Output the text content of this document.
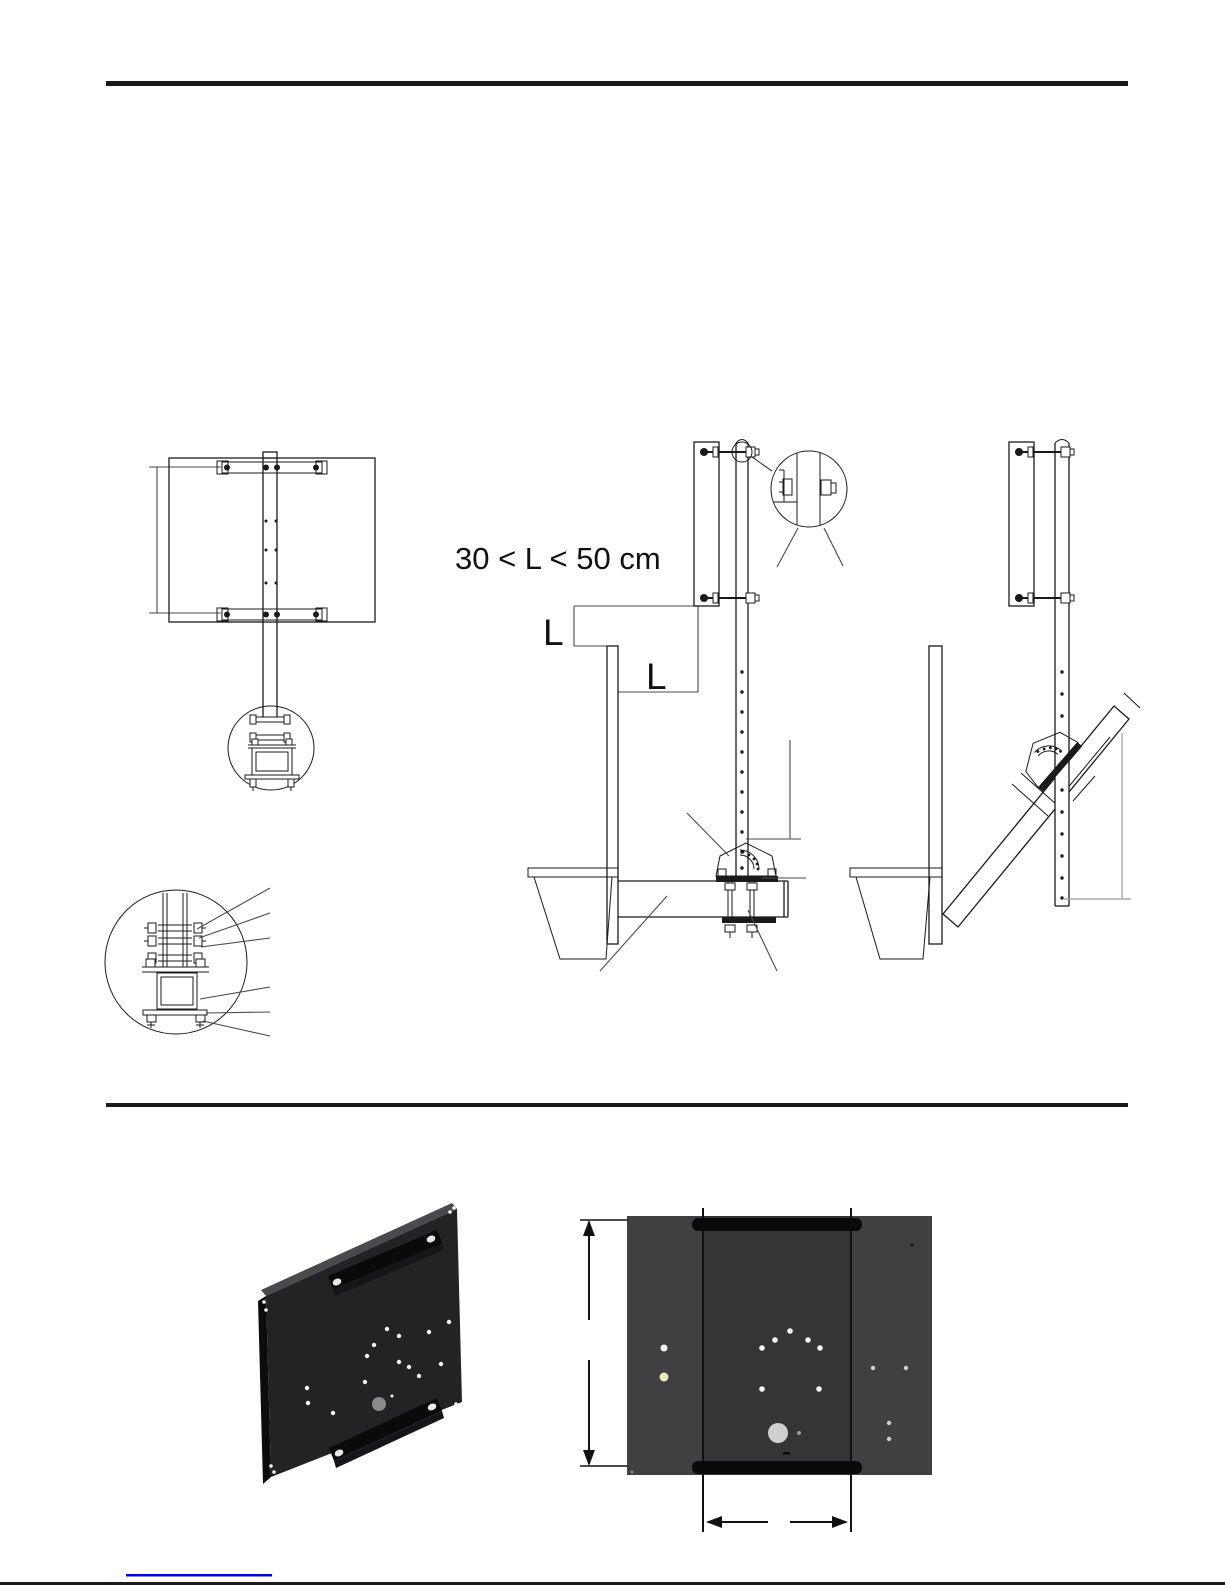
30 < L < 50 cm
L
L
